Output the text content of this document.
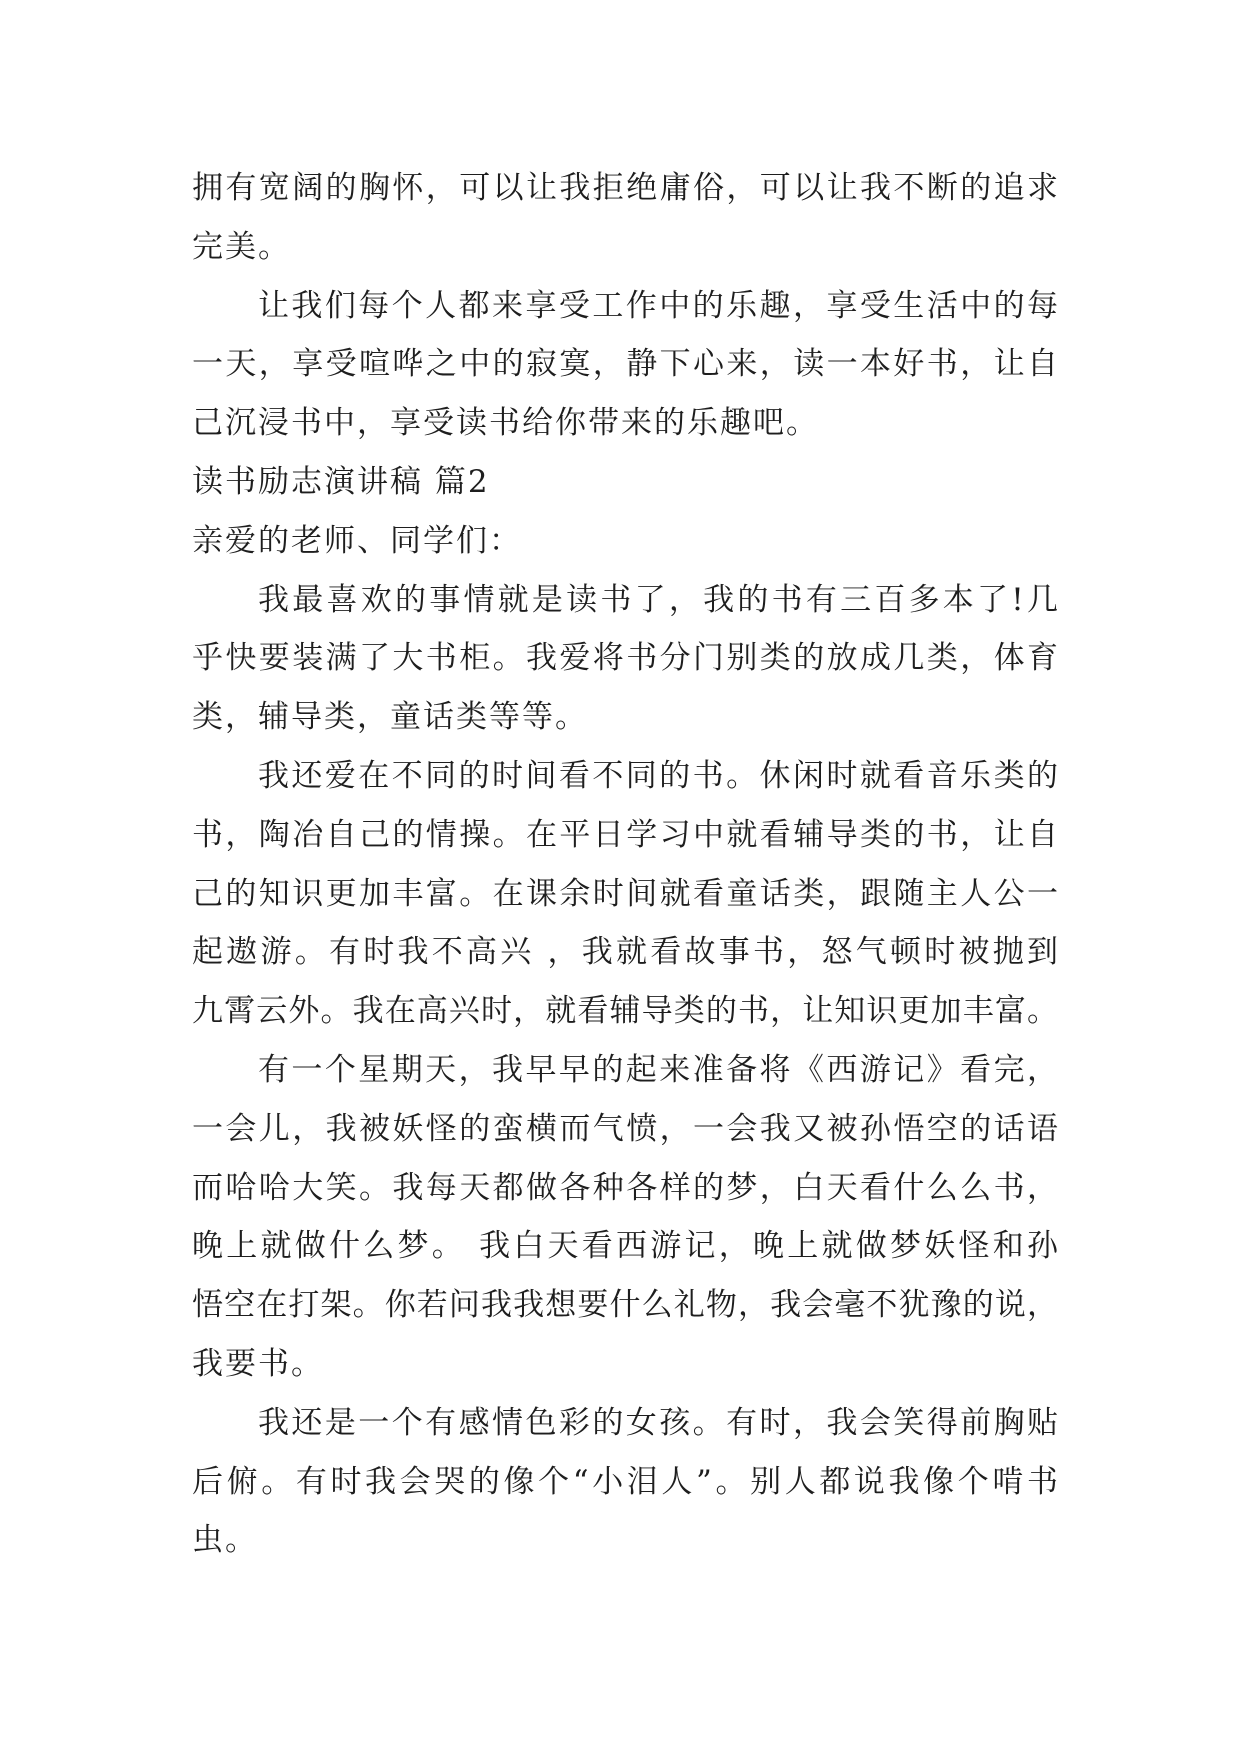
拥有宽阔的胸怀，可以让我拒绝庸俗，可以让我不断的追求
完美。
让我们每个人都来享受工作中的乐趣，享受生活中的每
一天，享受喧哗之中的寂寞，静下心来，读一本好书，让自
己沉浸书中，享受读书给你带来的乐趣吧。
读书励志演讲稿 篇2
亲爱的老师、同学们：
我最喜欢的事情就是读书了，我的书有三百多本了!几
乎快要装满了大书柜。我爱将书分门别类的放成几类，体育
类，辅导类，童话类等等。
我还爱在不同的时间看不同的书。休闲时就看音乐类的
书，陶冶自己的情操。在平日学习中就看辅导类的书，让自
己的知识更加丰富。在课余时间就看童话类，跟随主人公一
起遨游。有时我不高兴 ，我就看故事书，怒气顿时被抛到
九霄云外。我在高兴时，就看辅导类的书，让知识更加丰富。
有一个星期天，我早早的起来准备将《西游记》看完，
一会儿，我被妖怪的蛮横而气愤，一会我又被孙悟空的话语
而哈哈大笑。我每天都做各种各样的梦，白天看什么么书，
晚上就做什么梦。 我白天看西游记，晚上就做梦妖怪和孙
悟空在打架。你若问我我想要什么礼物，我会毫不犹豫的说，
我要书。
我还是一个有感情色彩的女孩。有时，我会笑得前胸贴
后俯。有时我会哭的像个“小泪人”。别人都说我像个啃书
虫。
